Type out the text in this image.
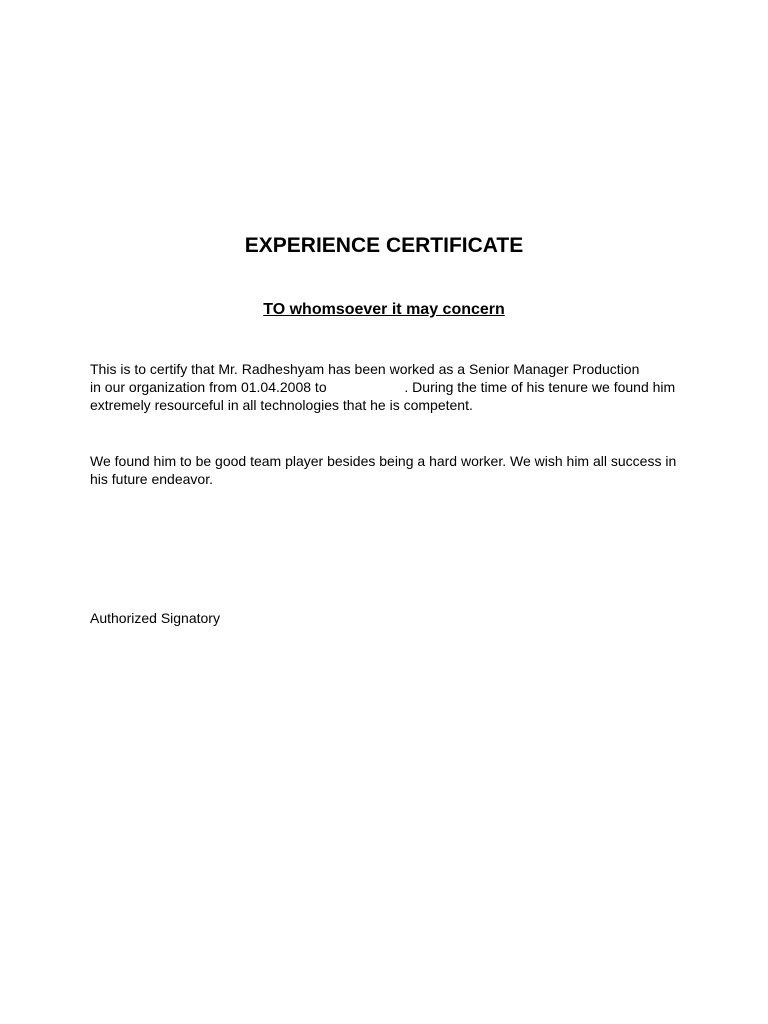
EXPERIENCE CERTIFICATE
TO whomsoever it may concern

This is to certify that Mr. Radheshyam has been worked as a Senior Manager Production
in our organization from 01.04.2008 to                    . During the time of his tenure we found him
extremely resourceful in all technologies that he is competent.

We found him to be good team player besides being a hard worker. We wish him all success in
his future endeavor.

Authorized Signatory
